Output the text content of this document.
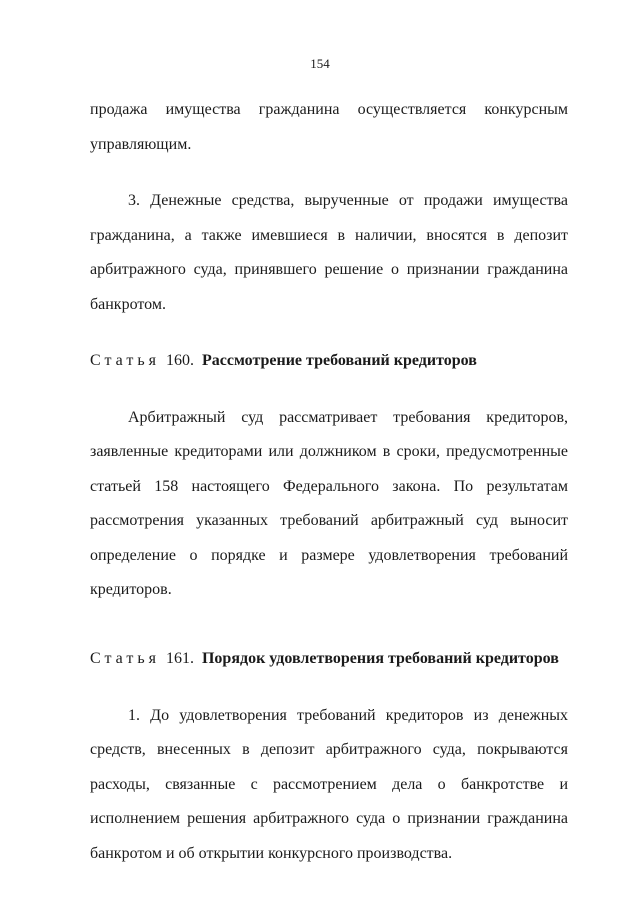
154

продажа имущества гражданина осуществляется конкурсным управляющим.

3. Денежные средства, вырученные от продажи имущества гражданина, а также имевшиеся в наличии, вносятся в депозит арбитражного суда, принявшего решение о признании гражданина банкротом.

Статья 160. Рассмотрение требований кредиторов

Арбитражный суд рассматривает требования кредиторов, заявленные кредиторами или должником в сроки, предусмотренные статьей 158 настоящего Федерального закона. По результатам рассмотрения указанных требований арбитражный суд выносит определение о порядке и размере удовлетворения требований кредиторов.

Статья 161. Порядок удовлетворения требований кредиторов

1. До удовлетворения требований кредиторов из денежных средств, внесенных в депозит арбитражного суда, покрываются расходы, связанные с рассмотрением дела о банкротстве и исполнением решения арбитражного суда о признании гражданина банкротом и об открытии конкурсного производства.
